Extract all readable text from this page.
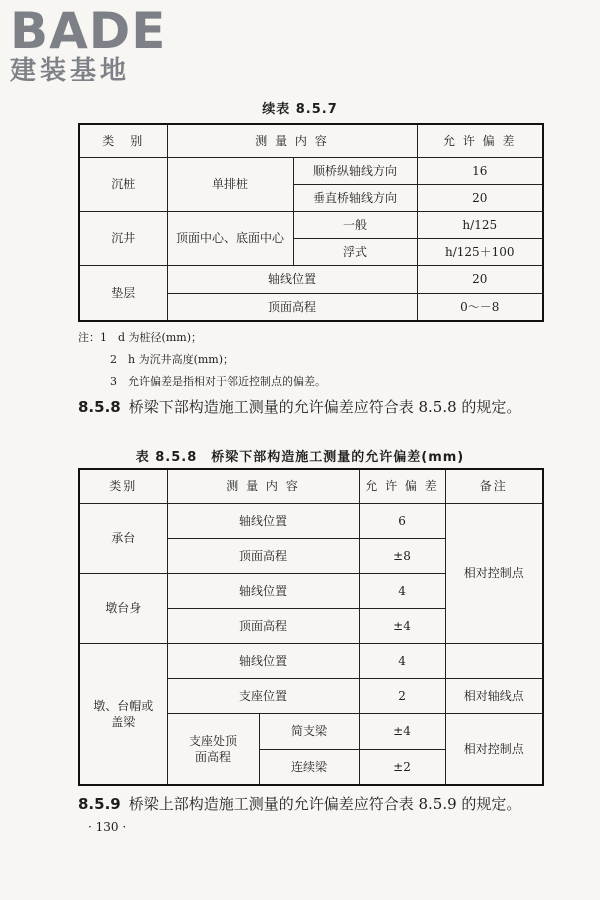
BADE
建装基地
续表 8.5.7
类　别	测 量 内 容		允 许 偏 差
沉桩	单排桩	顺桥纵轴线方向	16
		垂直桥轴线方向	20
沉井	顶面中心、底面中心	一般	h/125
		浮式	h/125＋100
垫层	轴线位置		20
	顶面高程		0～－8
注：1　d 为桩径(mm)；
2　h 为沉井高度(mm)；
3　允许偏差是指相对于邻近控制点的偏差。
8.5.8 桥梁下部构造施工测量的允许偏差应符合表 8.5.8 的规定。
表 8.5.8　桥梁下部构造施工测量的允许偏差(mm)
类别	测 量 内 容		允 许 偏 差	备注
承台	轴线位置		6	相对控制点
	顶面高程		±8	
墩台身	轴线位置		4	
	顶面高程		±4	
墩、台帽或盖梁	轴线位置		4	
	支座位置		2	相对轴线点
	支座处顶面高程	简支梁	±4	相对控制点
		连续梁	±2	
8.5.9 桥梁上部构造施工测量的允许偏差应符合表 8.5.9 的规定。
· 130 ·
